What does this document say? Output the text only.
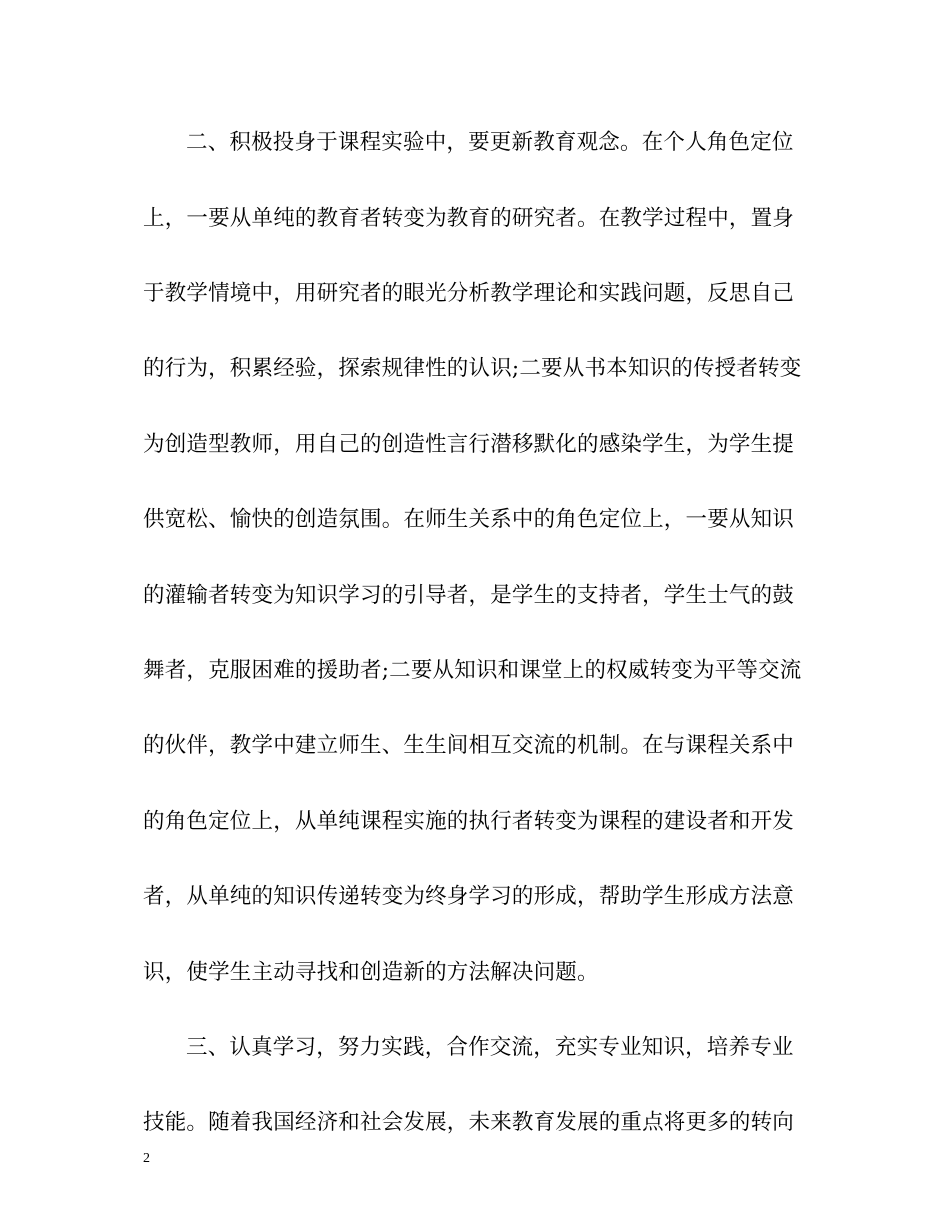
二、积极投身于课程实验中，要更新教育观念。在个人角色定位
上，一要从单纯的教育者转变为教育的研究者。在教学过程中，置身
于教学情境中，用研究者的眼光分析教学理论和实践问题，反思自己
的行为，积累经验，探索规律性的认识;二要从书本知识的传授者转变
为创造型教师，用自己的创造性言行潜移默化的感染学生，为学生提
供宽松、愉快的创造氛围。在师生关系中的角色定位上，一要从知识
的灌输者转变为知识学习的引导者，是学生的支持者，学生士气的鼓
舞者，克服困难的援助者;二要从知识和课堂上的权威转变为平等交流
的伙伴，教学中建立师生、生生间相互交流的机制。在与课程关系中
的角色定位上，从单纯课程实施的执行者转变为课程的建设者和开发
者，从单纯的知识传递转变为终身学习的形成，帮助学生形成方法意
识，使学生主动寻找和创造新的方法解决问题。
三、认真学习，努力实践，合作交流，充实专业知识，培养专业
技能。随着我国经济和社会发展，未来教育发展的重点将更多的转向
2
